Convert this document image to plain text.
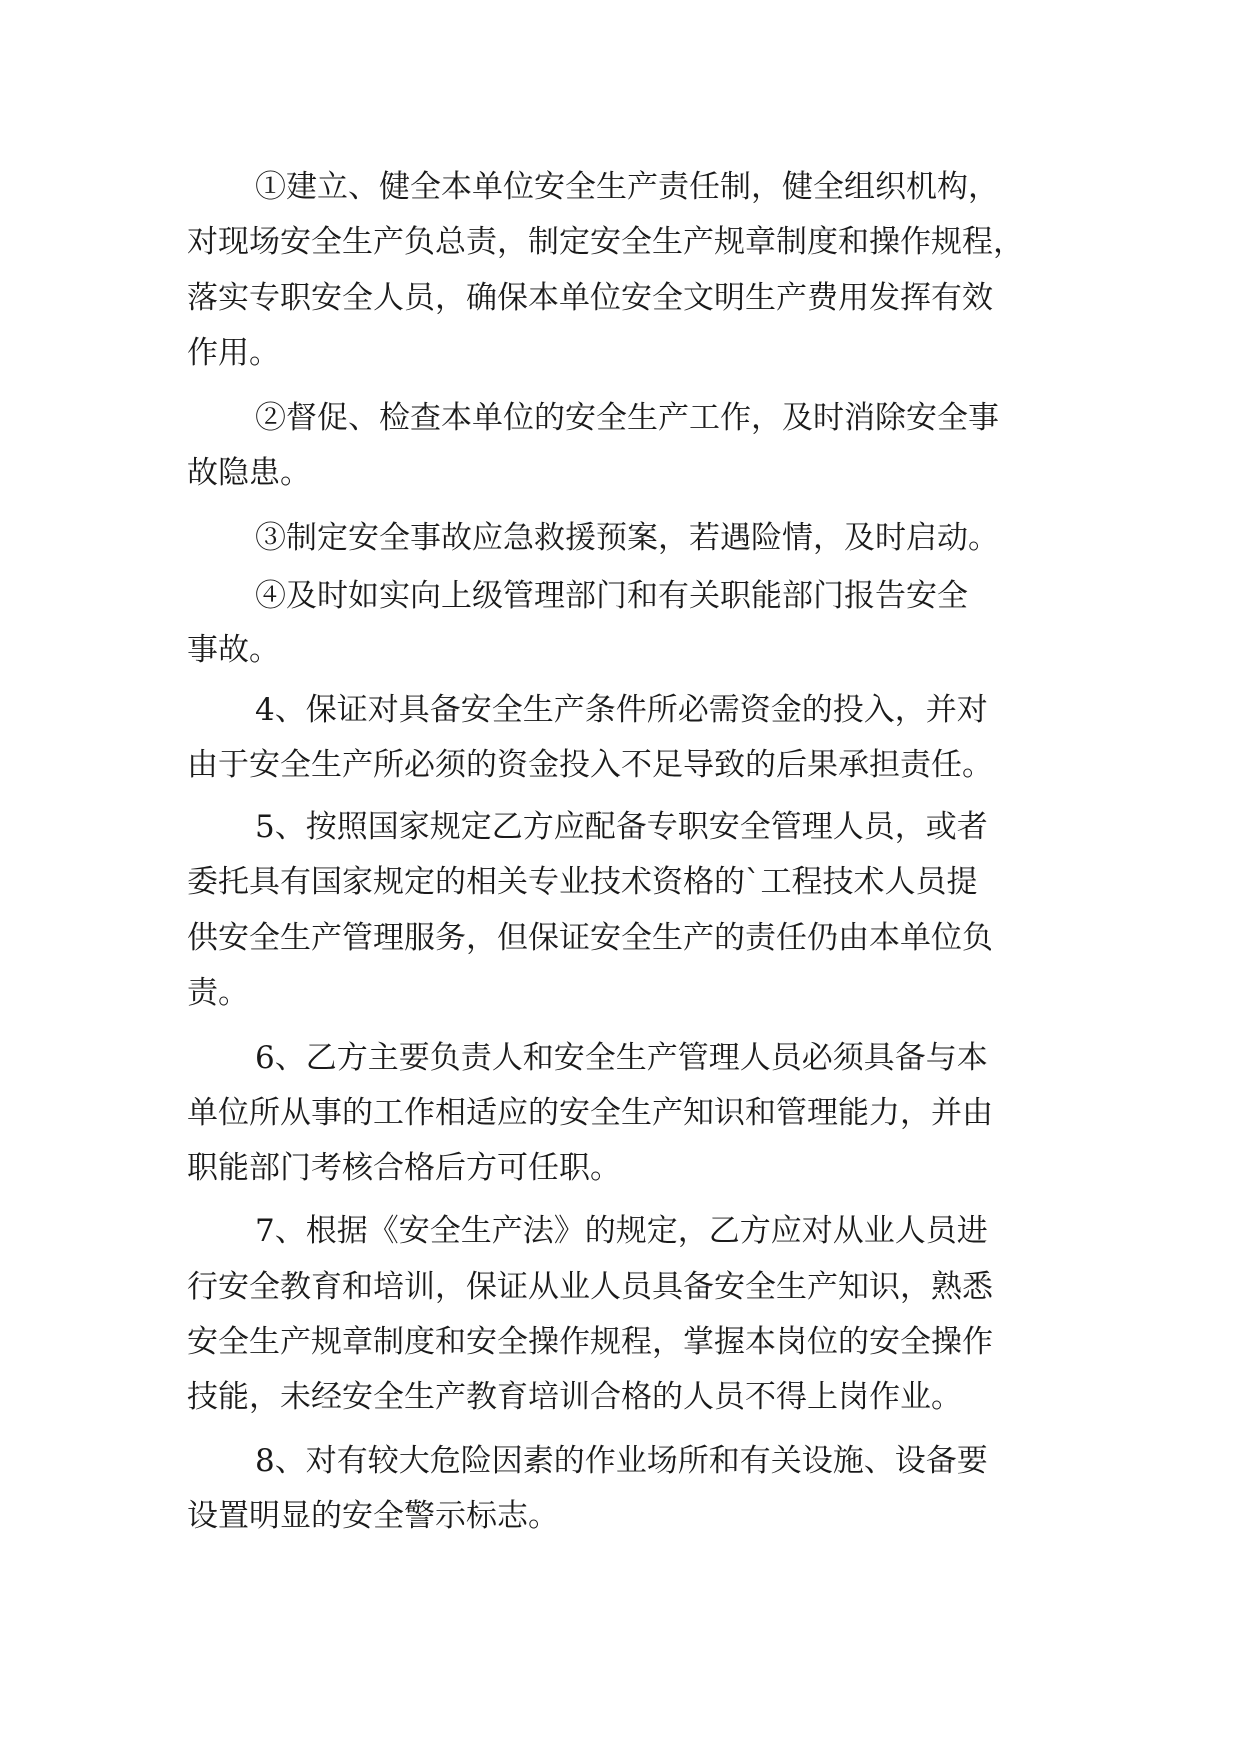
①建立、健全本单位安全生产责任制，健全组织机构，

对现场安全生产负总责，制定安全生产规章制度和操作规程，

落实专职安全人员，确保本单位安全文明生产费用发挥有效

作用。

②督促、检查本单位的安全生产工作，及时消除安全事

故隐患。

③制定安全事故应急救援预案，若遇险情，及时启动。

④及时如实向上级管理部门和有关职能部门报告安全

事故。

4、保证对具备安全生产条件所必需资金的投入，并对

由于安全生产所必须的资金投入不足导致的后果承担责任。

5、按照国家规定乙方应配备专职安全管理人员，或者

委托具有国家规定的相关专业技术资格的`工程技术人员提

供安全生产管理服务，但保证安全生产的责任仍由本单位负

责。

6、乙方主要负责人和安全生产管理人员必须具备与本

单位所从事的工作相适应的安全生产知识和管理能力，并由

职能部门考核合格后方可任职。

7、根据《安全生产法》的规定，乙方应对从业人员进

行安全教育和培训，保证从业人员具备安全生产知识，熟悉

安全生产规章制度和安全操作规程，掌握本岗位的安全操作

技能，未经安全生产教育培训合格的人员不得上岗作业。

8、对有较大危险因素的作业场所和有关设施、设备要

设置明显的安全警示标志。
